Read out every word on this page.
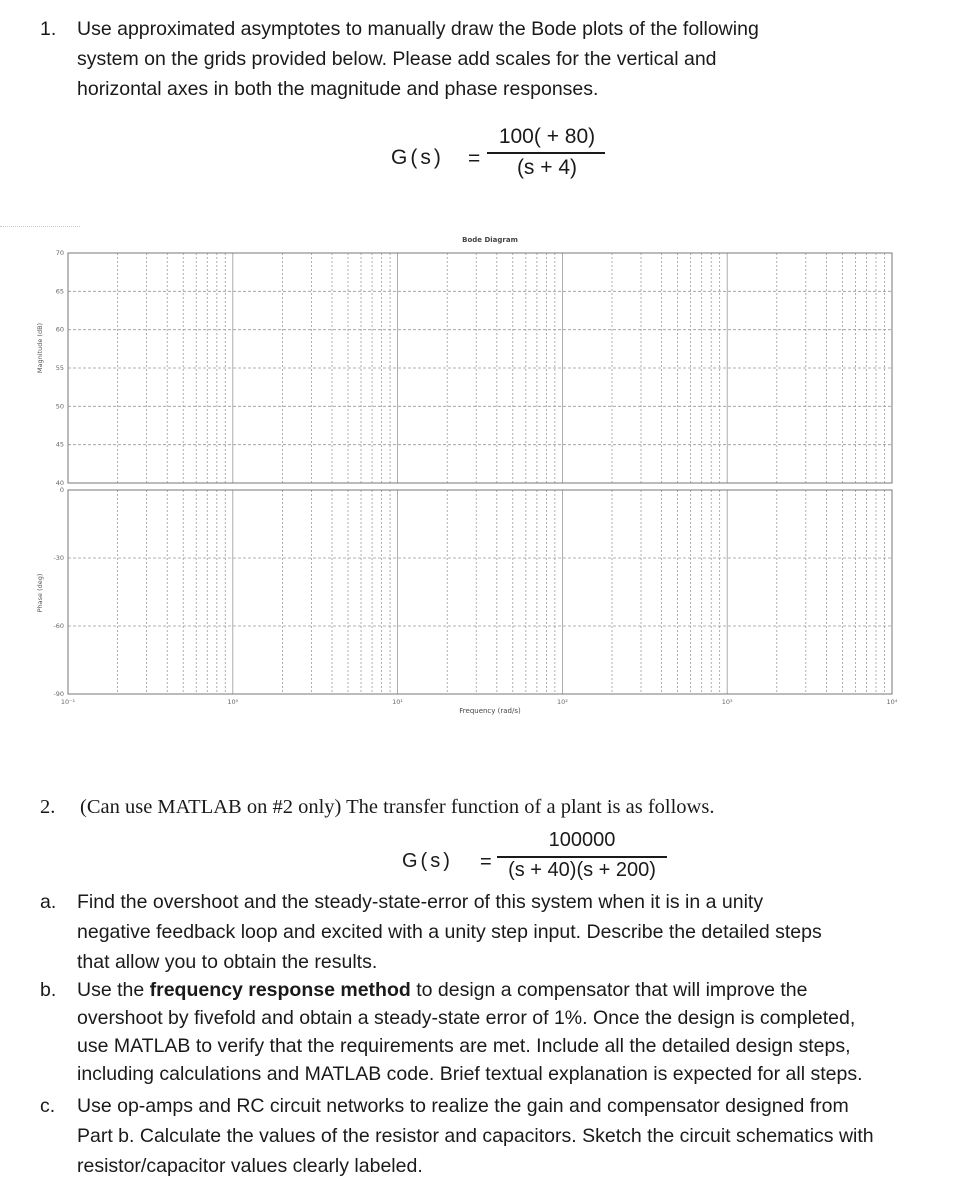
1. Use approximated asymptotes to manually draw the Bode plots of the following
system on the grids provided below. Please add scales for the vertical and
horizontal axes in both the magnitude and phase responses.
G(s) =
100( + 80)
(s + 4)
Bode Diagram
Frequency (rad/s)
Magnitude (dB)
Phase (deg)
70
65
60
55
50
45
40
0
-30
-60
-90
10⁻¹	10⁰	10¹	10²	10³	10⁴
2. (Can use MATLAB on #2 only) The transfer function of a plant is as follows.
G(s) =
100000
(s + 40)(s + 200)
a. Find the overshoot and the steady-state-error of this system when it is in a unity
negative feedback loop and excited with a unity step input. Describe the detailed steps
that allow you to obtain the results.
b. Use the frequency response method to design a compensator that will improve the
overshoot by fivefold and obtain a steady-state error of 1%. Once the design is completed,
use MATLAB to verify that the requirements are met. Include all the detailed design steps,
including calculations and MATLAB code. Brief textual explanation is expected for all steps.
c. Use op-amps and RC circuit networks to realize the gain and compensator designed from
Part b. Calculate the values of the resistor and capacitors. Sketch the circuit schematics with
resistor/capacitor values clearly labeled.
